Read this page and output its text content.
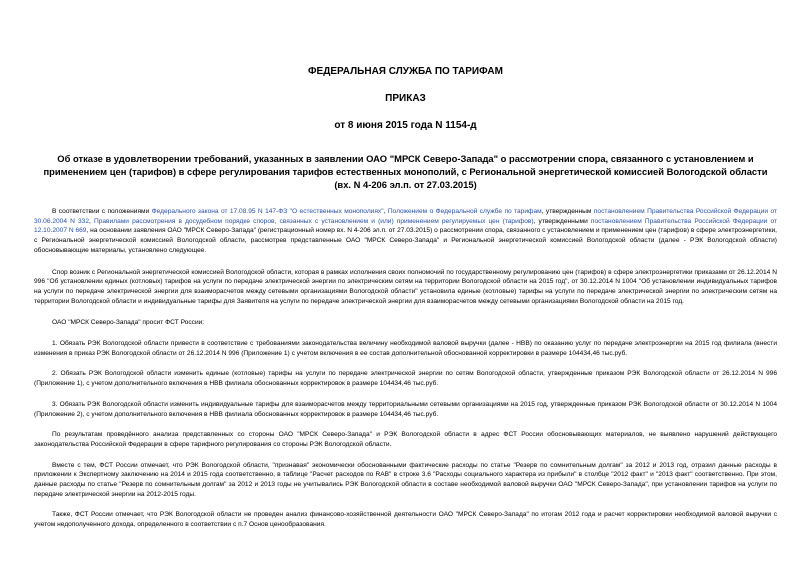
ФЕДЕРАЛЬНАЯ СЛУЖБА ПО ТАРИФАМ

ПРИКАЗ

от 8 июня 2015 года N 1154-д

Об отказе в удовлетворении требований, указанных в заявлении ОАО "МРСК Северо-Запада" о рассмотрении спора, связанного с установлением и применением цен (тарифов) в сфере регулирования тарифов естественных монополий, с Региональной энергетической комиссией Вологодской области (вх. N 4-206 эл.п. от 27.03.2015)

В соответствии с положениями Федерального закона от 17.08.95 N 147-ФЗ "О естественных монополиях", Положением о Федеральной службе по тарифам, утвержденным постановлением Правительства Российской Федерации от 30.06.2004 N 332, Правилами рассмотрения в досудебном порядке споров, связанных с установлением и (или) применением регулируемых цен (тарифов), утвержденными постановлением Правительства Российской Федерации от 12.10.2007 N 669, на основании заявления ОАО "МРСК Северо-Запада" (регистрационный номер вх. N 4-206 эл.п. от 27.03.2015) о рассмотрении спора, связанного с установлением и применением цен (тарифов) в сфере электроэнергетики, с Региональной энергетической комиссией Вологодской области, рассмотрев представленные ОАО "МРСК Северо-Запада" и Региональной энергетической комиссией Вологодской области (далее - РЭК Вологодской области) обосновывающие материалы, установлено следующее.

Спор возник с Региональной энергетической комиссией Вологодской области, которая в рамках исполнения своих полномочий по государственному регулированию цен (тарифов) в сфере электроэнергетики приказами от 26.12.2014 N 996 "Об установлении единых (котловых) тарифов на услуги по передаче электрической энергии по электрическим сетям на территории Вологодской области на 2015 год", от 30.12.2014 N 1004 "Об установлении индивидуальных тарифов на услуги по передаче электрической энергии для взаиморасчетов между сетевыми организациями Вологодской области" установила единые (котловые) тарифы на услуги по передаче электрической энергии по электрическим сетям на территории Вологодской области и индивидуальные тарифы для Заявителя на услуги по передаче электрической энергии для взаиморасчетов между сетевыми организациями Вологодской области на 2015 год.

ОАО "МРСК Северо-Запада" просит ФСТ России:

1. Обязать РЭК Вологодской области привести в соответствие с требованиями законодательства величину необходимой валовой выручки (далее - НВВ) по оказанию услуг по передаче электроэнергии на 2015 год филиала (внести изменения в приказ РЭК Вологодской области от 26.12.2014 N 996 (Приложение 1) с учетом включения в ее состав дополнительной обоснованной корректировки в размере 104434,46 тыс.руб.

2. Обязать РЭК Вологодской области изменить единые (котловые) тарифы на услуги по передаче электрической энергии по сетям Вологодской области, утвержденные приказом РЭК Вологодской области от 26.12.2014 N 996 (Приложение 1), с учетом дополнительного включения в НВВ филиала обоснованных корректировок в размере 104434,46 тыс.руб.

3. Обязать РЭК Вологодской области изменить индивидуальные тарифы для взаиморасчетов между территориальными сетевыми организациями на 2015 год, утвержденные приказом РЭК Вологодской области от 30.12.2014 N 1004 (Приложение 2), с учетом дополнительного включения в НВВ филиала обоснованных корректировок в размере 104434,46 тыс.руб.

По результатам проведённого анализа представленных со стороны ОАО "МРСК Северо-Запада" и РЭК Вологодской области в адрес ФСТ России обосновывающих материалов, не выявлено нарушений действующего законодательства Российской Федерации в сфере тарифного регулирования со стороны РЭК Вологодской области.

Вместе с тем, ФСТ России отмечает, что РЭК Вологодской области, "признавая" экономически обоснованными фактические расходы по статье "Резерв по сомнительным долгам" за 2012 и 2013 год, отразил данные расходы в приложении к Экспертному заключению на 2014 и 2015 года соответственно, в таблице "Расчет расходов по RAB" в строке 3.6 "Расходы социального характера из прибыли" в столбце "2012 факт" и "2013 факт" соответственно. При этом, данные расходы по статье "Резерв по сомнительным долгам" за 2012 и 2013 годы не учитывались РЭК Вологодской области в составе необходимой валовой выручки ОАО "МРСК Северо-Запада", при установлении тарифов на услуги по передаче электрической энергии на 2012-2015 годы.

Также, ФСТ России отмечает, что РЭК Вологодской области не проведен анализ финансово-хозяйственной деятельности ОАО "МРСК Северо-Запада" по итогам 2012 года и расчет корректировки необходимой валовой выручки с учетом недополученного дохода, определенного в соответствии с п.7 Основ ценообразования.
